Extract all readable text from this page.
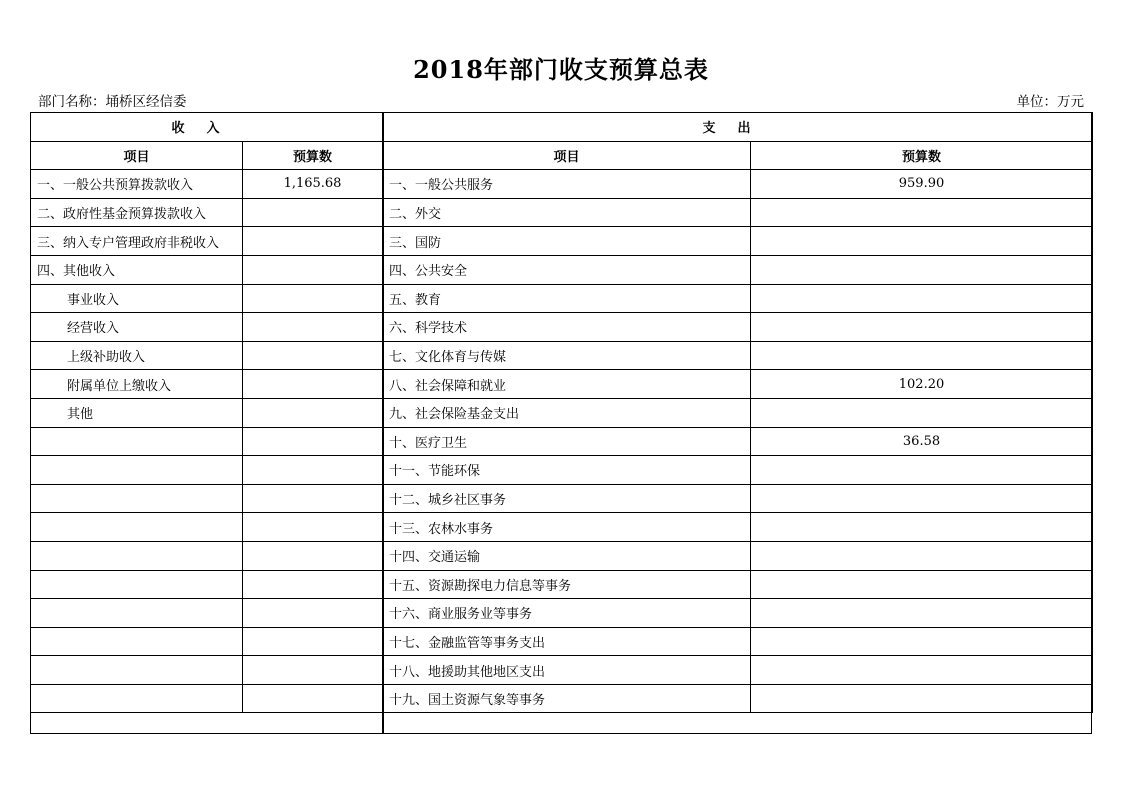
2018年部门收支预算总表
部门名称：埇桥区经信委	单位：万元
收入		支出	
项目	预算数	项目	预算数
一、一般公共预算拨款收入	1,165.68	一、一般公共服务	959.90
二、政府性基金预算拨款收入		二、外交	
三、纳入专户管理政府非税收入		三、国防	
四、其他收入		四、公共安全	
事业收入		五、教育	
经营收入		六、科学技术	
上级补助收入		七、文化体育与传媒	
附属单位上缴收入		八、社会保障和就业	102.20
其他		九、社会保险基金支出	
		十、医疗卫生	36.58
		十一、节能环保	
		十二、城乡社区事务	
		十三、农林水事务	
		十四、交通运输	
		十五、资源勘探电力信息等事务	
		十六、商业服务业等事务	
		十七、金融监管等事务支出	
		十八、地援助其他地区支出	
		十九、国土资源气象等事务	
